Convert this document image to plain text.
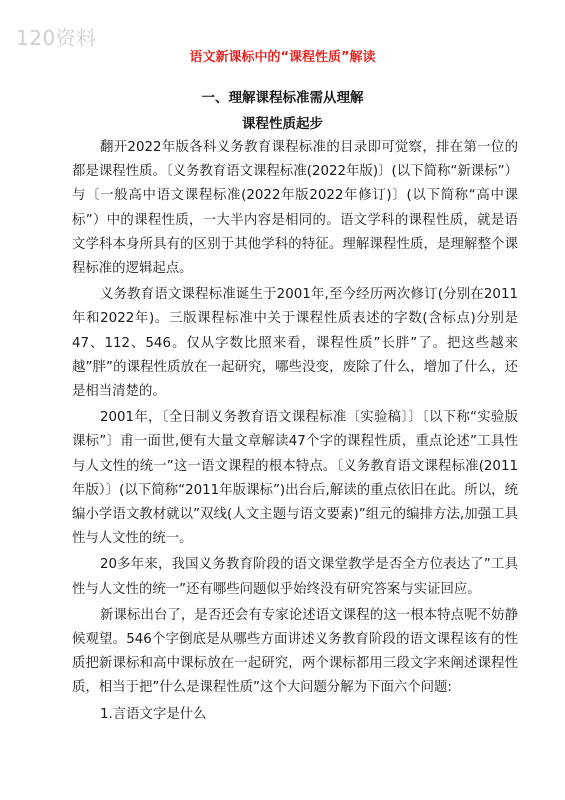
120资料
语文新课标中的“课程性质”解读
一、理解课程标准需从理解
课程性质起步

翻开2022年版各科义务教育课程标准的目录即可觉察，排在第一位的都是课程性质。〔义务教育语文课程标准(2022年版)〕(以下简称“新课标”）与〔一般高中语文课程标准(2022年版2022年修订)〕(以下简称“高中课标”）中的课程性质，一大半内容是相同的。语文学科的课程性质，就是语文学科本身所具有的区别于其他学科的特征。理解课程性质，是理解整个课程标准的逻辑起点。

义务教育语文课程标准诞生于2001年,至今经历两次修订(分别在2011年和2022年)。三版课程标准中关于课程性质表述的字数(含标点)分别是47、112、546。仅从字数比照来看，课程性质”长胖”了。把这些越来越”胖”的课程性质放在一起研究，哪些没变，废除了什么，增加了什么，还是相当清楚的。

2001年，〔全日制义务教育语文课程标准〔实验稿〕〕〔以下称“实验版课标”〕甫一面世,便有大量文章解读47个字的课程性质，重点论述”工具性与人文性的统一”这一语文课程的根本特点。〔义务教育语文课程标准(2011年版）〕(以下简称“2011年版课标”)出台后,解读的重点依旧在此。所以，统编小学语文教材就以”双线(人文主题与语文要素)”组元的编排方法,加强工具性与人文性的统一。

20多年来，我国义务教育阶段的语文课堂教学是否全方位表达了”工具性与人文性的统一”还有哪些问题似乎始终没有研究答案与实证回应。

新课标出台了，是否还会有专家论述语文课程的这一根本特点呢不妨静候观望。546个字倒底是从哪些方面讲述义务教育阶段的语文课程该有的性质把新课标和高中课标放在一起研究，两个课标都用三段文字来阐述课程性质，相当于把”什么是课程性质”这个大问题分解为下面六个问题:

1.言语文字是什么
